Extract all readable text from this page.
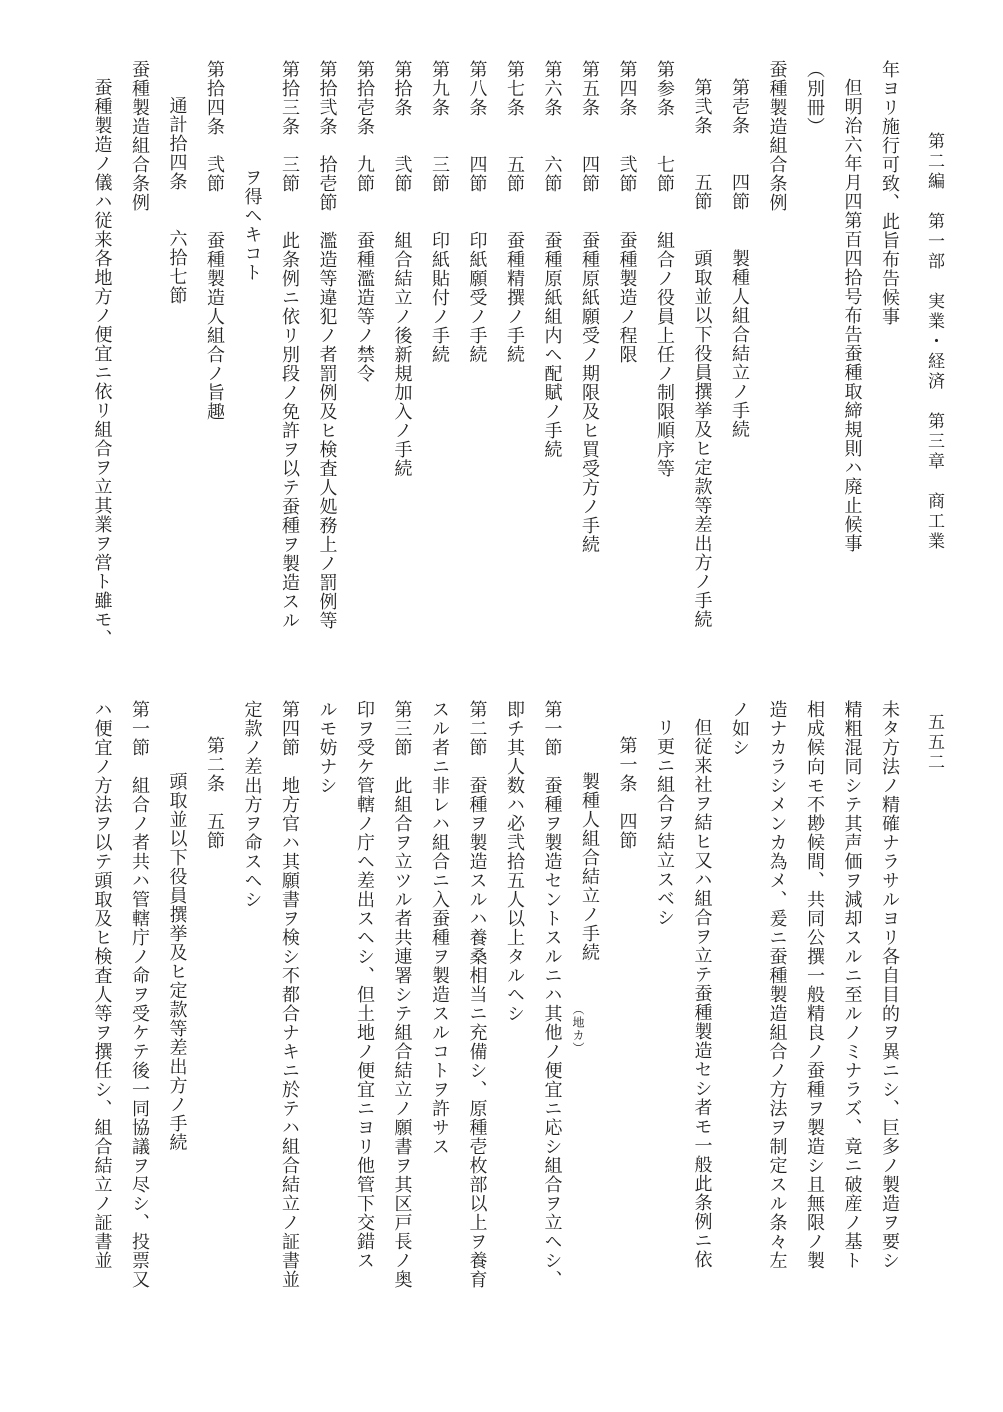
第二編　第一部　実業・経済　第三章　商工業
五五二
年ヨリ施行可致、此旨布告候事
但明治六年月四第百四拾号布告蚕種取締規則ハ廃止候事
（別冊）
蚕種製造組合条例
第壱条　　四節　　製種人組合結立ノ手続
第弐条　　五節　　頭取並以下役員撰挙及ヒ定款等差出方ノ手続
第参条　　七節　　組合ノ役員上任ノ制限順序等
第四条　　弐節　　蚕種製造ノ程限
第五条　　四節　　蚕種原紙願受ノ期限及ヒ買受方ノ手続
第六条　　六節　　蚕種原紙組内ヘ配賦ノ手続
第七条　　五節　　蚕種精撰ノ手続
第八条　　四節　　印紙願受ノ手続
第九条　　三節　　印紙貼付ノ手続
第拾条　　弐節　　組合結立ノ後新規加入ノ手続
第拾壱条　九節　　蚕種濫造等ノ禁令
第拾弐条　拾壱節　濫造等違犯ノ者罰例及ヒ検査人処務上ノ罰例等
第拾三条　三節　　此条例ニ依リ別段ノ免許ヲ以テ蚕種ヲ製造スル
ヲ得ヘキコト
第拾四条　弐節　　蚕種製造人組合ノ旨趣
通計拾四条　　六拾七節
蚕種製造組合条例
蚕種製造ノ儀ハ従来各地方ノ便宜ニ依リ組合ヲ立其業ヲ営ト雖モ、
未タ方法ノ精確ナラサルヨリ各自目的ヲ異ニシ、巨多ノ製造ヲ要シ
精粗混同シテ其声価ヲ減却スルニ至ルノミナラズ、竟ニ破産ノ基ト
相成候向モ不尠候間、共同公撰一般精良ノ蚕種ヲ製造シ且無限ノ製
造ナカラシメンカ為メ、爰ニ蚕種製造組合ノ方法ヲ制定スル条々左
ノ如シ
但従来社ヲ結ヒ又ハ組合ヲ立テ蚕種製造セシ者モ一般此条例ニ依
リ更ニ組合ヲ結立スベシ
第一条　四節
製種人組合結立ノ手続
第一節　蚕種ヲ製造セントスルニハ其他ノ便宜ニ応シ組合ヲ立ヘシ、
即チ其人数ハ必弐拾五人以上タルヘシ
第二節　蚕種ヲ製造スルハ養桑相当ニ充備シ、原種壱枚部以上ヲ養育
スル者ニ非レハ組合ニ入蚕種ヲ製造スルコトヲ許サス
第三節　此組合ヲ立ツル者共連署シテ組合結立ノ願書ヲ其区戸長ノ奥
印ヲ受ケ管轄ノ庁ヘ差出スヘシ、但土地ノ便宜ニヨリ他管下交錯ス
ルモ妨ナシ
第四節　地方官ハ其願書ヲ検シ不都合ナキニ於テハ組合結立ノ証書並
定款ノ差出方ヲ命スヘシ
第二条　五節
頭取並以下役員撰挙及ヒ定款等差出方ノ手続
第一節　組合ノ者共ハ管轄庁ノ命ヲ受ケテ後一同協議ヲ尽シ、投票又
ハ便宜ノ方法ヲ以テ頭取及ヒ検査人等ヲ撰任シ、組合結立ノ証書並	（地カ）
